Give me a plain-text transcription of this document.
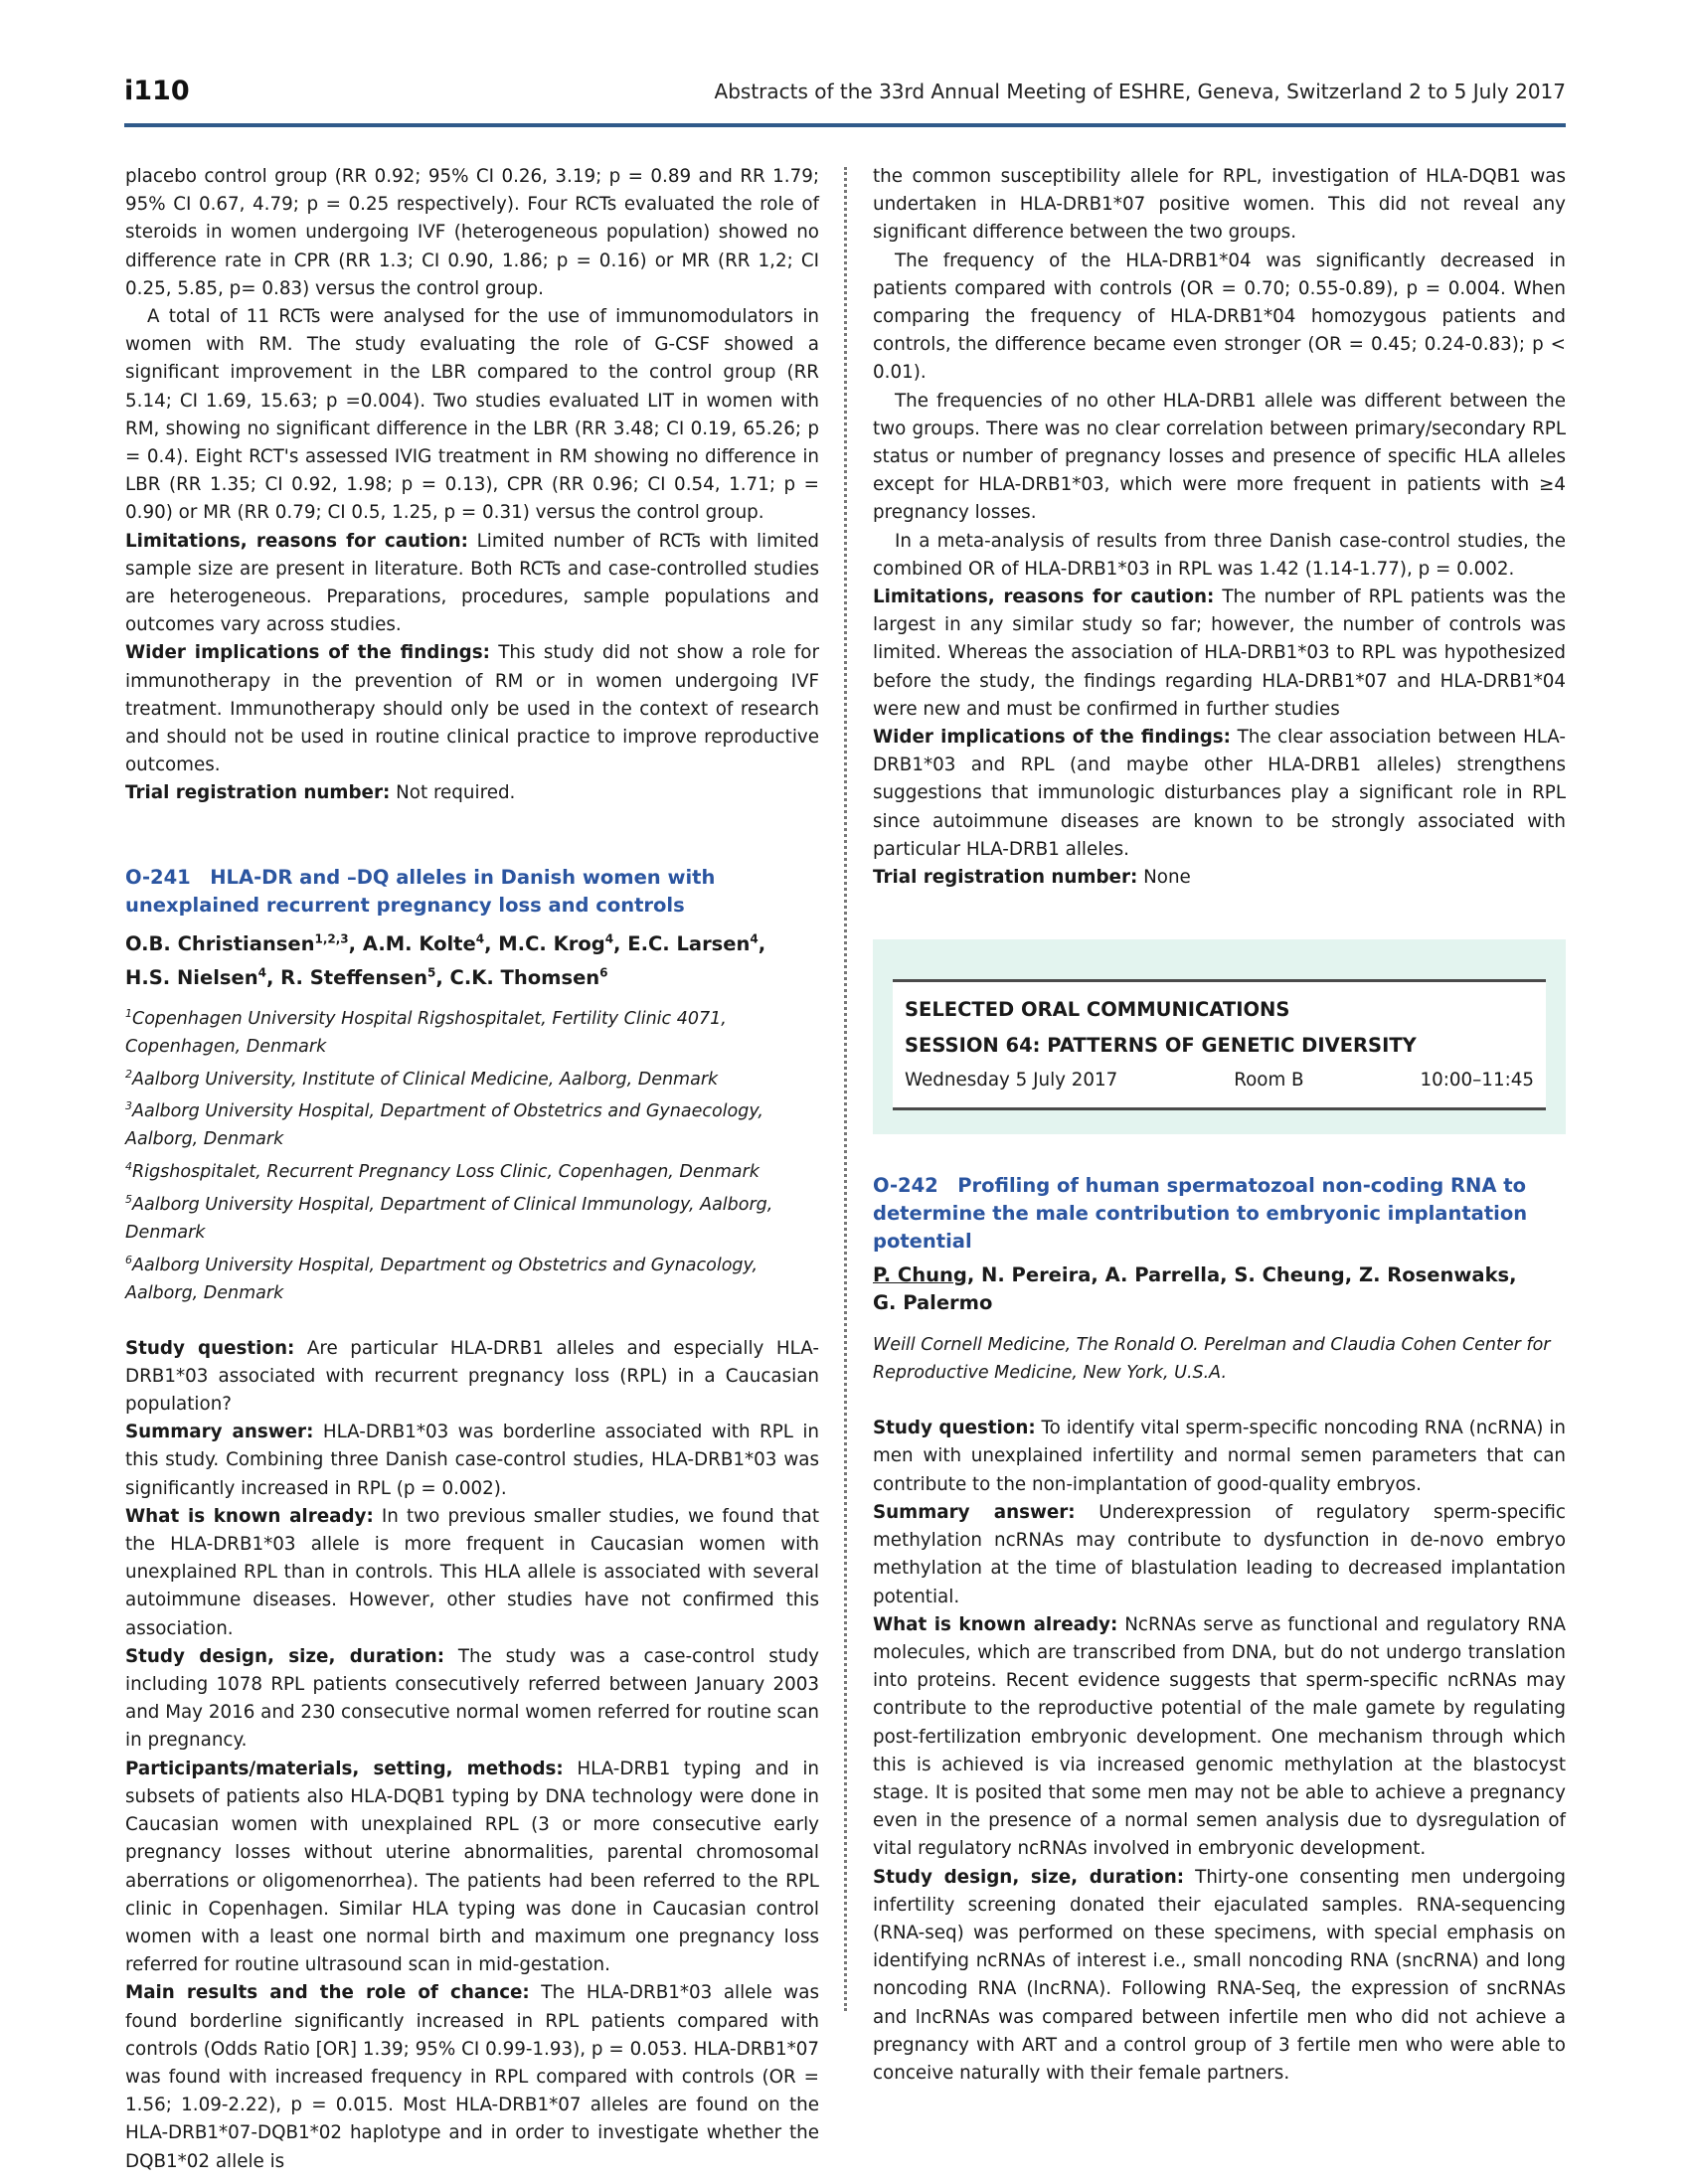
i110	Abstracts of the 33rd Annual Meeting of ESHRE, Geneva, Switzerland 2 to 5 July 2017

placebo control group (RR 0.92; 95% CI 0.26, 3.19; p = 0.89 and RR 1.79; 95% CI 0.67, 4.79; p = 0.25 respectively). Four RCTs evaluated the role of steroids in women undergoing IVF (heterogeneous population) showed no difference rate in CPR (RR 1.3; CI 0.90, 1.86; p = 0.16) or MR (RR 1,2; CI 0.25, 5.85, p= 0.83) versus the control group.

A total of 11 RCTs were analysed for the use of immunomodulators in women with RM. The study evaluating the role of G-CSF showed a significant improvement in the LBR compared to the control group (RR 5.14; CI 1.69, 15.63; p =0.004). Two studies evaluated LIT in women with RM, showing no significant difference in the LBR (RR 3.48; CI 0.19, 65.26; p = 0.4). Eight RCT's assessed IVIG treatment in RM showing no difference in LBR (RR 1.35; CI 0.92, 1.98; p = 0.13), CPR (RR 0.96; CI 0.54, 1.71; p = 0.90) or MR (RR 0.79; CI 0.5, 1.25, p = 0.31) versus the control group.

Limitations, reasons for caution: Limited number of RCTs with limited sample size are present in literature. Both RCTs and case-controlled studies are heterogeneous. Preparations, procedures, sample populations and outcomes vary across studies.

Wider implications of the findings: This study did not show a role for immunotherapy in the prevention of RM or in women undergoing IVF treatment. Immunotherapy should only be used in the context of research and should not be used in routine clinical practice to improve reproductive outcomes.

Trial registration number: Not required.

O-241 HLA-DR and –DQ alleles in Danish women with unexplained recurrent pregnancy loss and controls
O.B. Christiansen$^{1,2,3}$, A.M. Kolte$^4$, M.C. Krog$^4$, E.C. Larsen$^4$,
H.S. Nielsen$^4$, R. Steffensen$^5$, C.K. Thomsen$^6$
$^1$Copenhagen University Hospital Rigshospitalet, Fertility Clinic 4071, Copenhagen, Denmark
$^2$Aalborg University, Institute of Clinical Medicine, Aalborg, Denmark
$^3$Aalborg University Hospital, Department of Obstetrics and Gynaecology, Aalborg, Denmark
$^4$Rigshospitalet, Recurrent Pregnancy Loss Clinic, Copenhagen, Denmark
$^5$Aalborg University Hospital, Department of Clinical Immunology, Aalborg, Denmark
$^6$Aalborg University Hospital, Department og Obstetrics and Gynacology, Aalborg, Denmark

Study question: Are particular HLA-DRB1 alleles and especially HLA-DRB1*03 associated with recurrent pregnancy loss (RPL) in a Caucasian population?

Summary answer: HLA-DRB1*03 was borderline associated with RPL in this study. Combining three Danish case-control studies, HLA-DRB1*03 was significantly increased in RPL (p = 0.002).

What is known already: In two previous smaller studies, we found that the HLA-DRB1*03 allele is more frequent in Caucasian women with unexplained RPL than in controls. This HLA allele is associated with several autoimmune diseases. However, other studies have not confirmed this association.

Study design, size, duration: The study was a case-control study including 1078 RPL patients consecutively referred between January 2003 and May 2016 and 230 consecutive normal women referred for routine scan in pregnancy.

Participants/materials, setting, methods: HLA-DRB1 typing and in subsets of patients also HLA-DQB1 typing by DNA technology were done in Caucasian women with unexplained RPL (3 or more consecutive early pregnancy losses without uterine abnormalities, parental chromosomal aberrations or oligomenorrhea). The patients had been referred to the RPL clinic in Copenhagen. Similar HLA typing was done in Caucasian control women with a least one normal birth and maximum one pregnancy loss referred for routine ultrasound scan in mid-gestation.

Main results and the role of chance: The HLA-DRB1*03 allele was found borderline significantly increased in RPL patients compared with controls (Odds Ratio [OR] 1.39; 95% CI 0.99-1.93), p = 0.053. HLA-DRB1*07 was found with increased frequency in RPL compared with controls (OR = 1.56; 1.09-2.22), p = 0.015. Most HLA-DRB1*07 alleles are found on the HLA-DRB1*07-DQB1*02 haplotype and in order to investigate whether the DQB1*02 allele is

the common susceptibility allele for RPL, investigation of HLA-DQB1 was undertaken in HLA-DRB1*07 positive women. This did not reveal any significant difference between the two groups.

The frequency of the HLA-DRB1*04 was significantly decreased in patients compared with controls (OR = 0.70; 0.55-0.89), p = 0.004. When comparing the frequency of HLA-DRB1*04 homozygous patients and controls, the difference became even stronger (OR = 0.45; 0.24-0.83); p < 0.01).

The frequencies of no other HLA-DRB1 allele was different between the two groups. There was no clear correlation between primary/secondary RPL status or number of pregnancy losses and presence of specific HLA alleles except for HLA-DRB1*03, which were more frequent in patients with ≥4 pregnancy losses.

In a meta-analysis of results from three Danish case-control studies, the combined OR of HLA-DRB1*03 in RPL was 1.42 (1.14-1.77), p = 0.002.

Limitations, reasons for caution: The number of RPL patients was the largest in any similar study so far; however, the number of controls was limited. Whereas the association of HLA-DRB1*03 to RPL was hypothesized before the study, the findings regarding HLA-DRB1*07 and HLA-DRB1*04 were new and must be confirmed in further studies

Wider implications of the findings: The clear association between HLA-DRB1*03 and RPL (and maybe other HLA-DRB1 alleles) strengthens suggestions that immunologic disturbances play a significant role in RPL since autoimmune diseases are known to be strongly associated with particular HLA-DRB1 alleles.

Trial registration number: None

SELECTED ORAL COMMUNICATIONS
SESSION 64: PATTERNS OF GENETIC DIVERSITY
Wednesday 5 July 2017	Room B	10:00–11:45
O-242 Profiling of human spermatozoal non-coding RNA to determine the male contribution to embryonic implantation potential
P. Chung, N. Pereira, A. Parrella, S. Cheung, Z. Rosenwaks,
G. Palermo
Weill Cornell Medicine, The Ronald O. Perelman and Claudia Cohen Center for Reproductive Medicine, New York, U.S.A.

Study question: To identify vital sperm-specific noncoding RNA (ncRNA) in men with unexplained infertility and normal semen parameters that can contribute to the non-implantation of good-quality embryos.

Summary answer: Underexpression of regulatory sperm-specific methylation ncRNAs may contribute to dysfunction in de-novo embryo methylation at the time of blastulation leading to decreased implantation potential.

What is known already: NcRNAs serve as functional and regulatory RNA molecules, which are transcribed from DNA, but do not undergo translation into proteins. Recent evidence suggests that sperm-specific ncRNAs may contribute to the reproductive potential of the male gamete by regulating post-fertilization embryonic development. One mechanism through which this is achieved is via increased genomic methylation at the blastocyst stage. It is posited that some men may not be able to achieve a pregnancy even in the presence of a normal semen analysis due to dysregulation of vital regulatory ncRNAs involved in embryonic development.

Study design, size, duration: Thirty-one consenting men undergoing infertility screening donated their ejaculated samples. RNA-sequencing (RNA-seq) was performed on these specimens, with special emphasis on identifying ncRNAs of interest i.e., small noncoding RNA (sncRNA) and long noncoding RNA (lncRNA). Following RNA-Seq, the expression of sncRNAs and lncRNAs was compared between infertile men who did not achieve a pregnancy with ART and a control group of 3 fertile men who were able to conceive naturally with their female partners.
